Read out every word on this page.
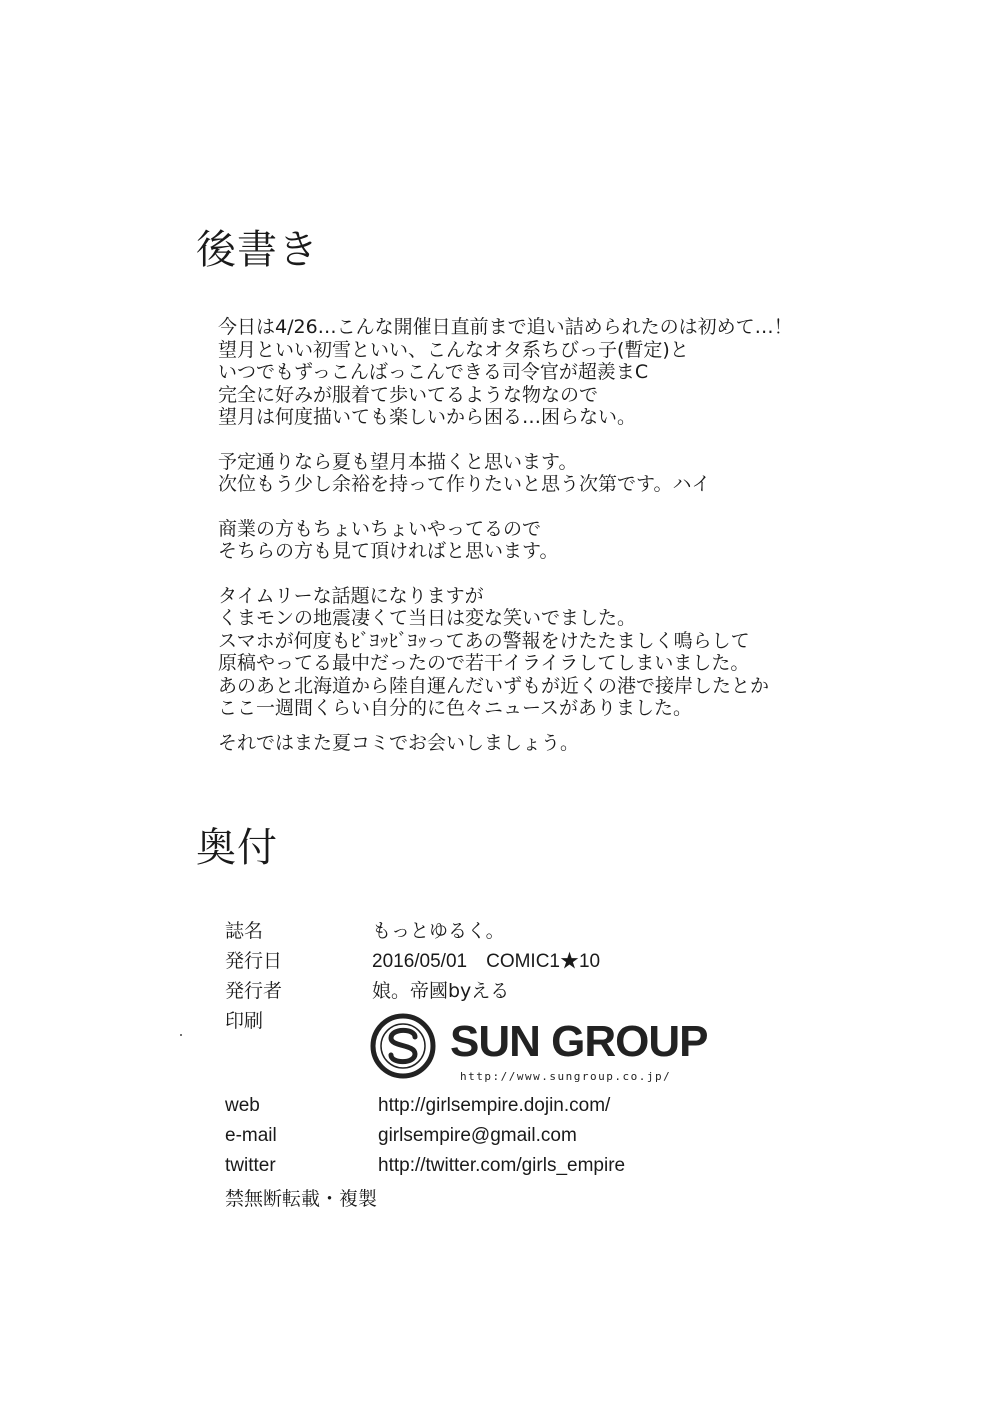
後書き

今日は4/26…こんな開催日直前まで追い詰められたのは初めて…！
望月といい初雪といい、こんなオタ系ちびっ子(暫定)と
いつでもずっこんばっこんできる司令官が超羨まC
完全に好みが服着て歩いてるような物なので
望月は何度描いても楽しいから困る…困らない。

予定通りなら夏も望月本描くと思います。
次位もう少し余裕を持って作りたいと思う次第です。ハイ

商業の方もちょいちょいやってるので
そちらの方も見て頂ければと思います。

タイムリーな話題になりますが
くまモンの地震凄くて当日は変な笑いでました。
スマホが何度もﾋﾞﾖｯﾋﾞﾖｯってあの警報をけたたましく鳴らして
原稿やってる最中だったので若干イライラしてしまいました。
あのあと北海道から陸自運んだいずもが近くの港で接岸したとか
ここ一週間くらい自分的に色々ニュースがありました。

それではまた夏コミでお会いしましょう。
奥付
誌名	もっとゆるく。
発行日	2016/05/01　COMIC1★10
発行者	娘。帝國byえる
印刷	SUN GROUP
http://www.sungroup.co.jp/
web	http://girlsempire.dojin.com/
e-mail	girlsempire@gmail.com
twitter	http://twitter.com/girls_empire
禁無断転載・複製
